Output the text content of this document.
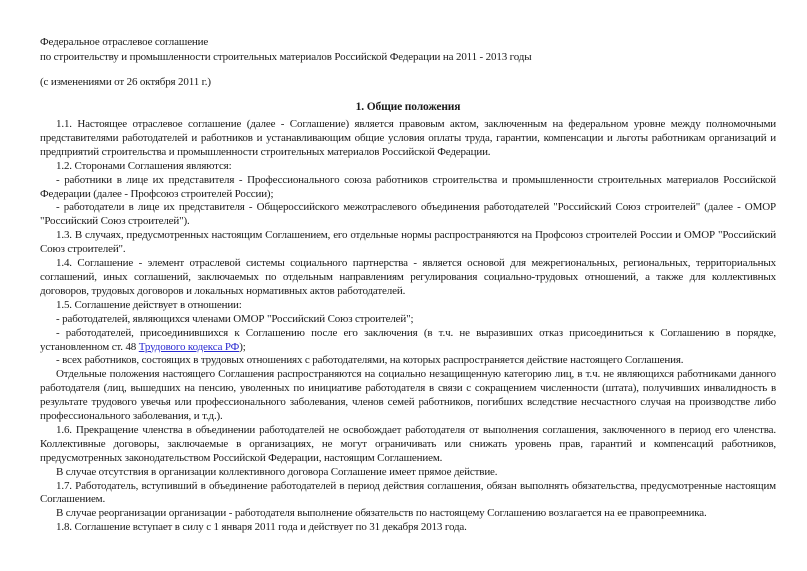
Федеральное отраслевое соглашение
по строительству и промышленности строительных материалов Российской Федерации на 2011 - 2013 годы
(с изменениями от 26 октября 2011 г.)
1. Общие положения

1.1. Настоящее отраслевое соглашение (далее - Соглашение) является правовым актом, заключенным на федеральном уровне между полномочными представителями работодателей и работников и устанавливающим общие условия оплаты труда, гарантии, компенсации и льготы работникам организаций и предприятий строительства и промышленности строительных материалов Российской Федерации.

1.2. Сторонами Соглашения являются:

- работники в лице их представителя - Профессионального союза работников строительства и промышленности строительных материалов Российской Федерации (далее - Профсоюз строителей России);

- работодатели в лице их представителя - Общероссийского межотраслевого объединения работодателей "Российский Союз строителей" (далее - ОМОР "Российский Союз строителей").

1.3. В случаях, предусмотренных настоящим Соглашением, его отдельные нормы распространяются на Профсоюз строителей России и ОМОР "Российский Союз строителей".

1.4. Соглашение - элемент отраслевой системы социального партнерства - является основой для межрегиональных, региональных, территориальных соглашений, иных соглашений, заключаемых по отдельным направлениям регулирования социально-трудовых отношений, а также для коллективных договоров, трудовых договоров и локальных нормативных актов работодателей.

1.5. Соглашение действует в отношении:

- работодателей, являющихся членами ОМОР "Российский Союз строителей";

- работодателей, присоединившихся к Соглашению после его заключения (в т.ч. не выразивших отказ присоединиться к Соглашению в порядке, установленном ст. 48 Трудового кодекса РФ);

- всех работников, состоящих в трудовых отношениях с работодателями, на которых распространяется действие настоящего Соглашения.

Отдельные положения настоящего Соглашения распространяются на социально незащищенную категорию лиц, в т.ч. не являющихся работниками данного работодателя (лиц, вышедших на пенсию, уволенных по инициативе работодателя в связи с сокращением численности (штата), получивших инвалидность в результате трудового увечья или профессионального заболевания, членов семей работников, погибших вследствие несчастного случая на производстве либо профессионального заболевания, и т.д.).

1.6. Прекращение членства в объединении работодателей не освобождает работодателя от выполнения соглашения, заключенного в период его членства. Коллективные договоры, заключаемые в организациях, не могут ограничивать или снижать уровень прав, гарантий и компенсаций работников, предусмотренных законодательством Российской Федерации, настоящим Соглашением.

В случае отсутствия в организации коллективного договора Соглашение имеет прямое действие.

1.7. Работодатель, вступивший в объединение работодателей в период действия соглашения, обязан выполнять обязательства, предусмотренные настоящим Соглашением.

В случае реорганизации организации - работодателя выполнение обязательств по настоящему Соглашению возлагается на ее правопреемника.

1.8. Соглашение вступает в силу с 1 января 2011 года и действует по 31 декабря 2013 года.
